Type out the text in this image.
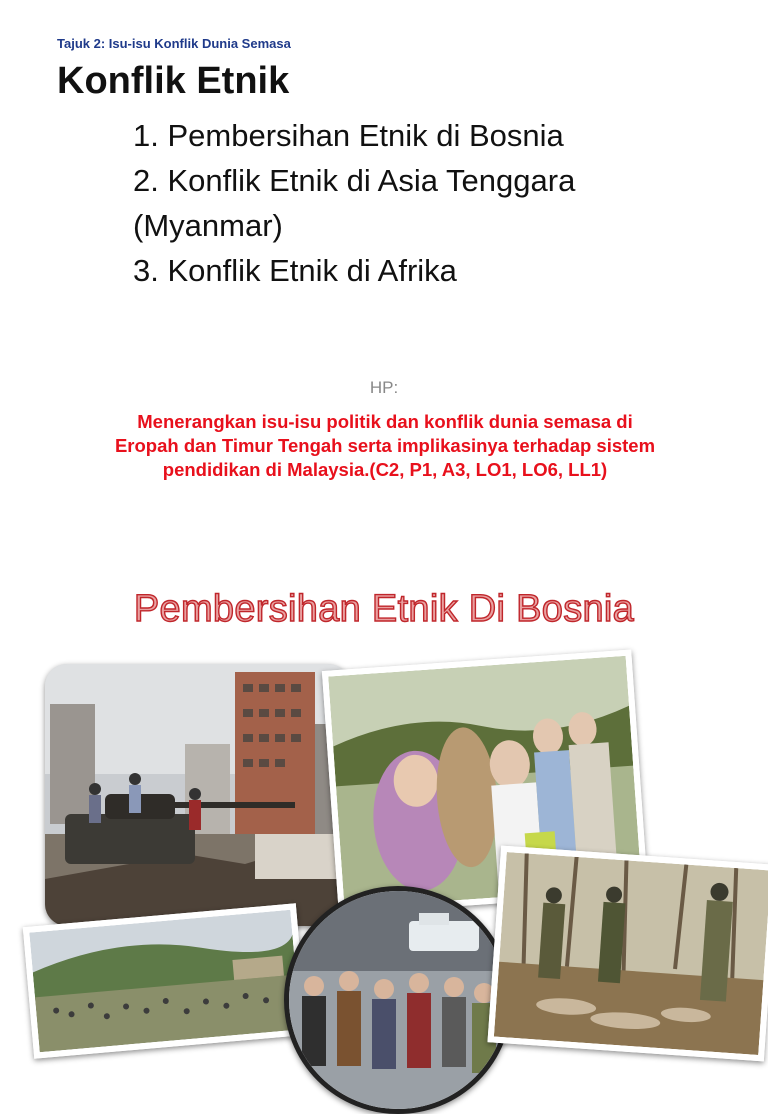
Tajuk 2: Isu-isu Konflik Dunia Semasa
Konflik Etnik
1. Pembersihan Etnik di Bosnia
2. Konflik Etnik di Asia Tenggara
(Myanmar)
3. Konflik Etnik di Afrika
HP:
Menerangkan isu-isu politik dan konflik dunia semasa di Eropah dan Timur Tengah serta implikasinya terhadap sistem pendidikan di Malaysia.(C2, P1, A3, LO1, LO6, LL1)
Pembersihan Etnik Di Bosnia
